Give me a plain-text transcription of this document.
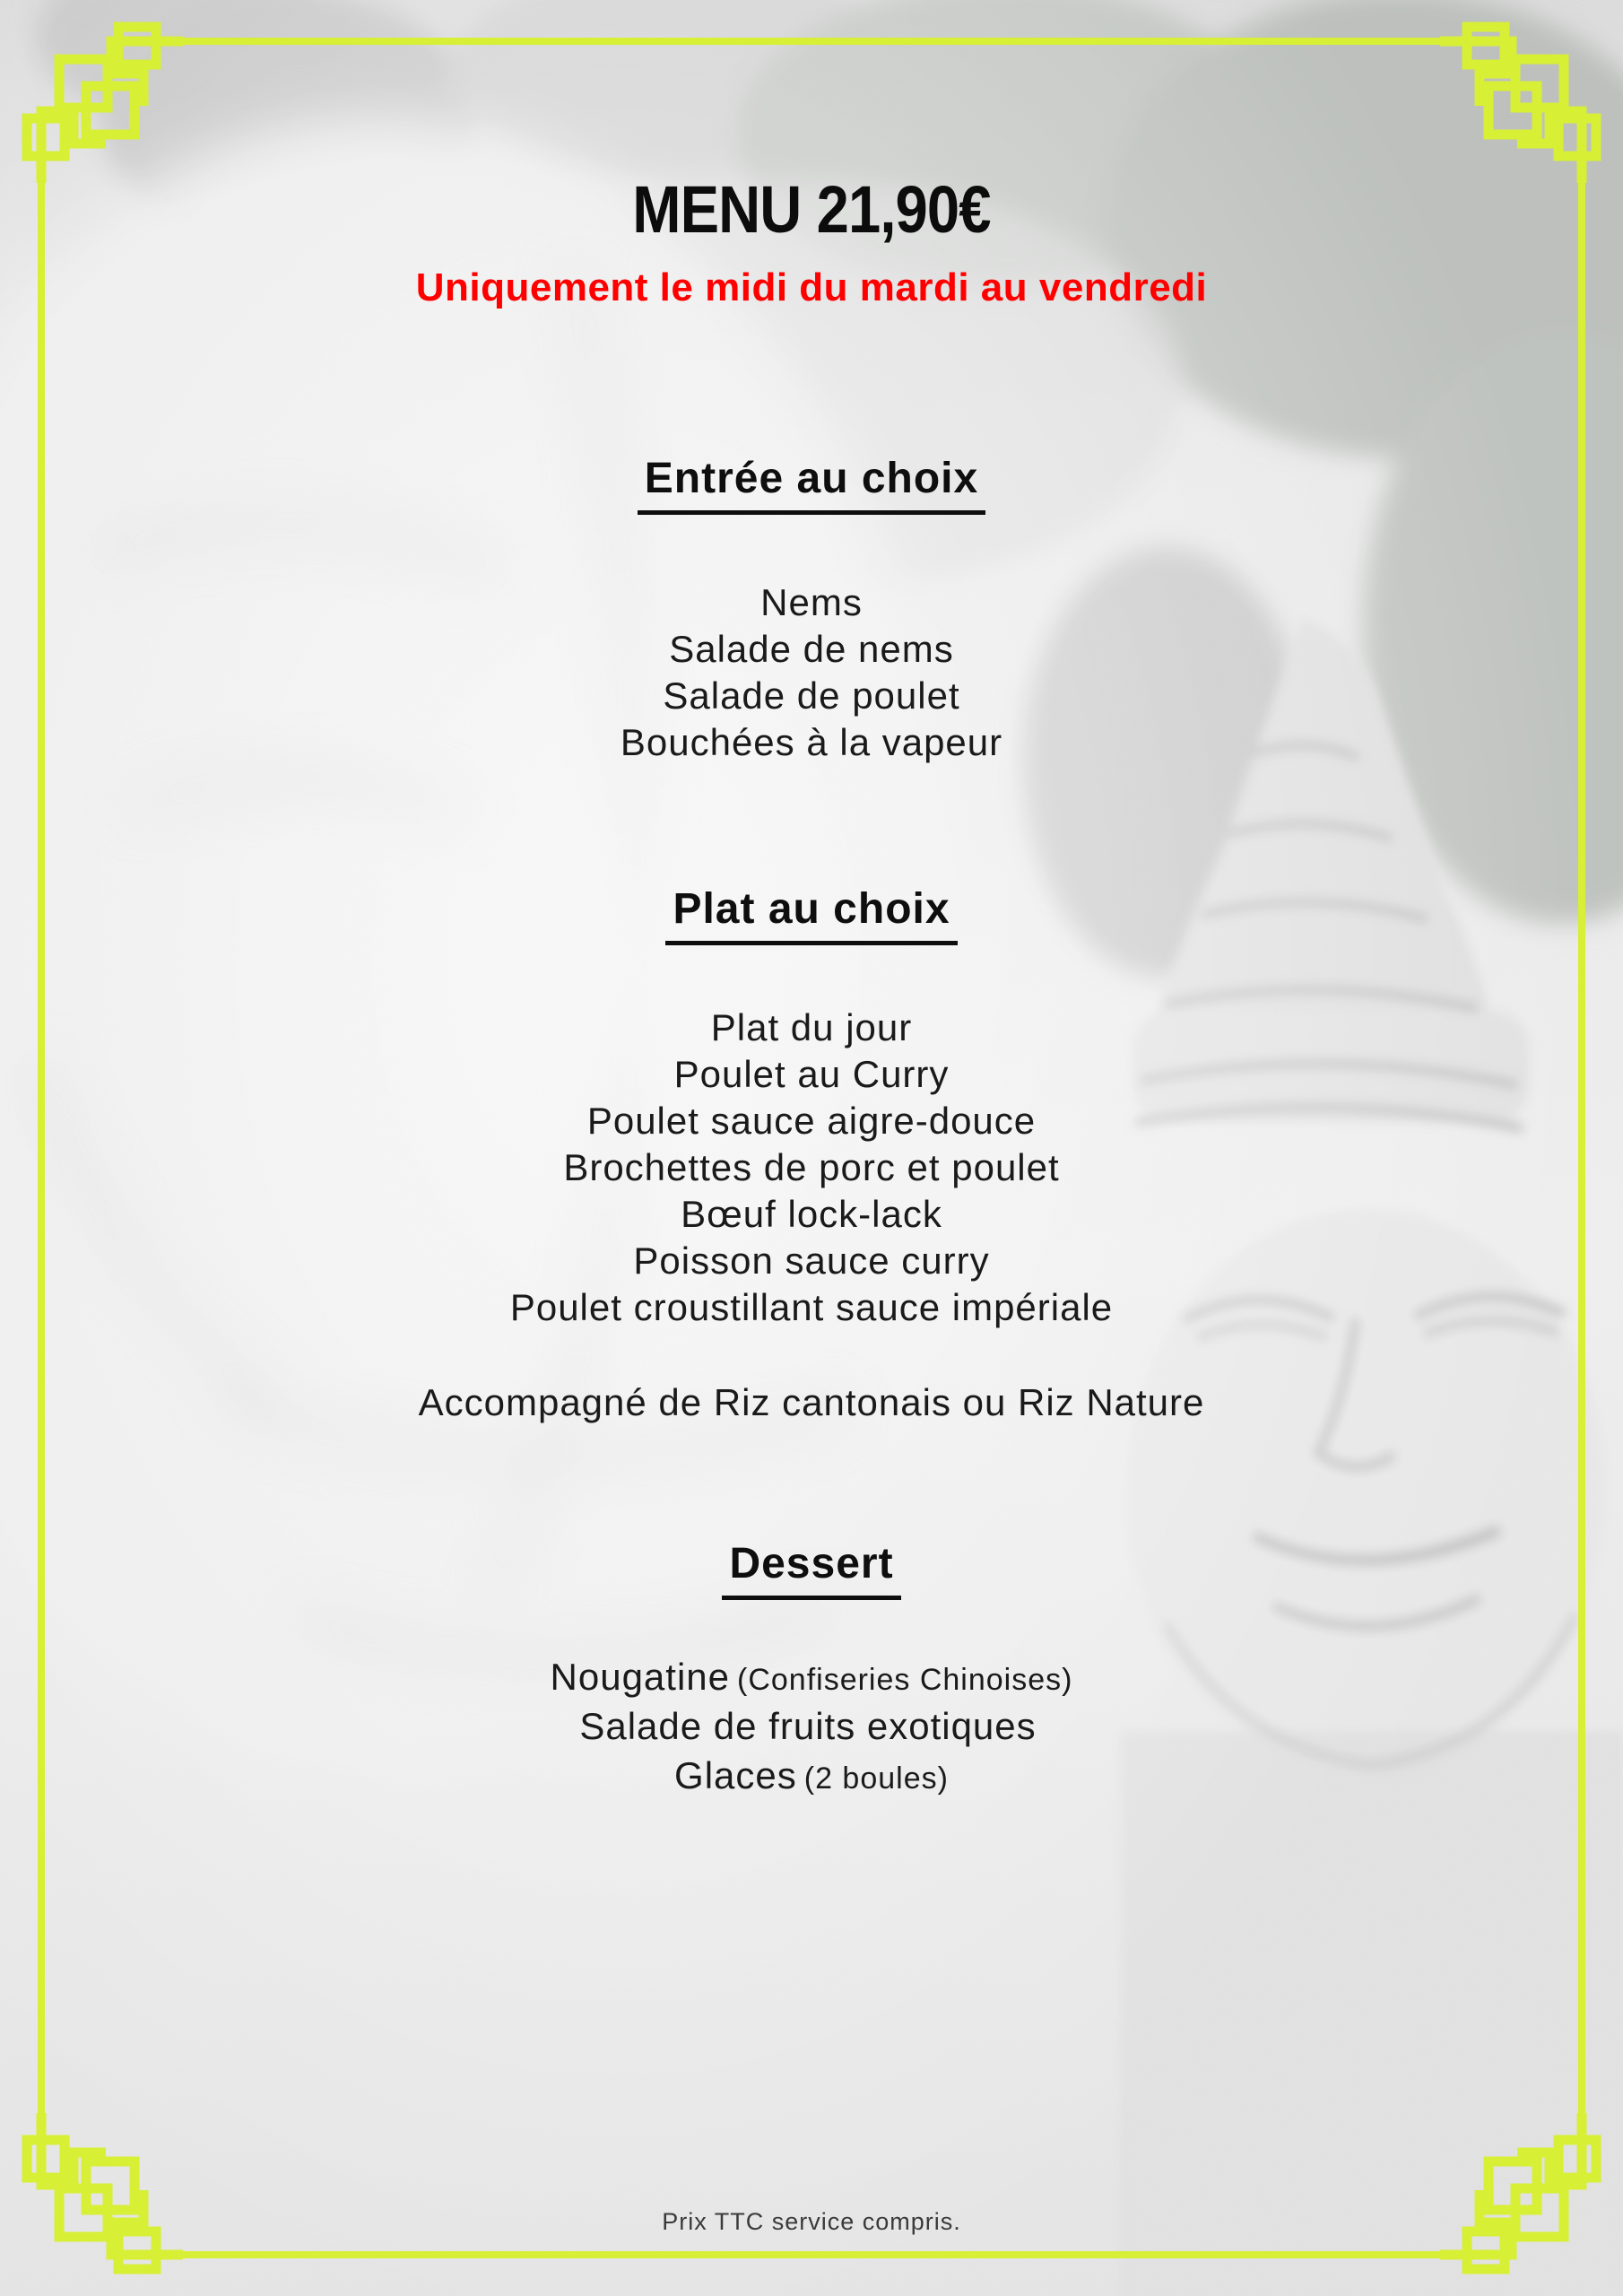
MENU 21,90€
Uniquement le midi du mardi au vendredi
Entrée au choix
Nems
Salade de nems
Salade de poulet
Bouchées à la vapeur
Plat au choix
Plat du jour
Poulet au Curry
Poulet sauce aigre-douce
Brochettes de porc et poulet
Bœuf lock-lack
Poisson sauce curry
Poulet croustillant sauce impériale
Accompagné de Riz cantonais ou Riz Nature
Dessert
Nougatine (Confiseries Chinoises)
Salade de fruits exotiques
Glaces (2 boules)
Prix TTC service compris.
